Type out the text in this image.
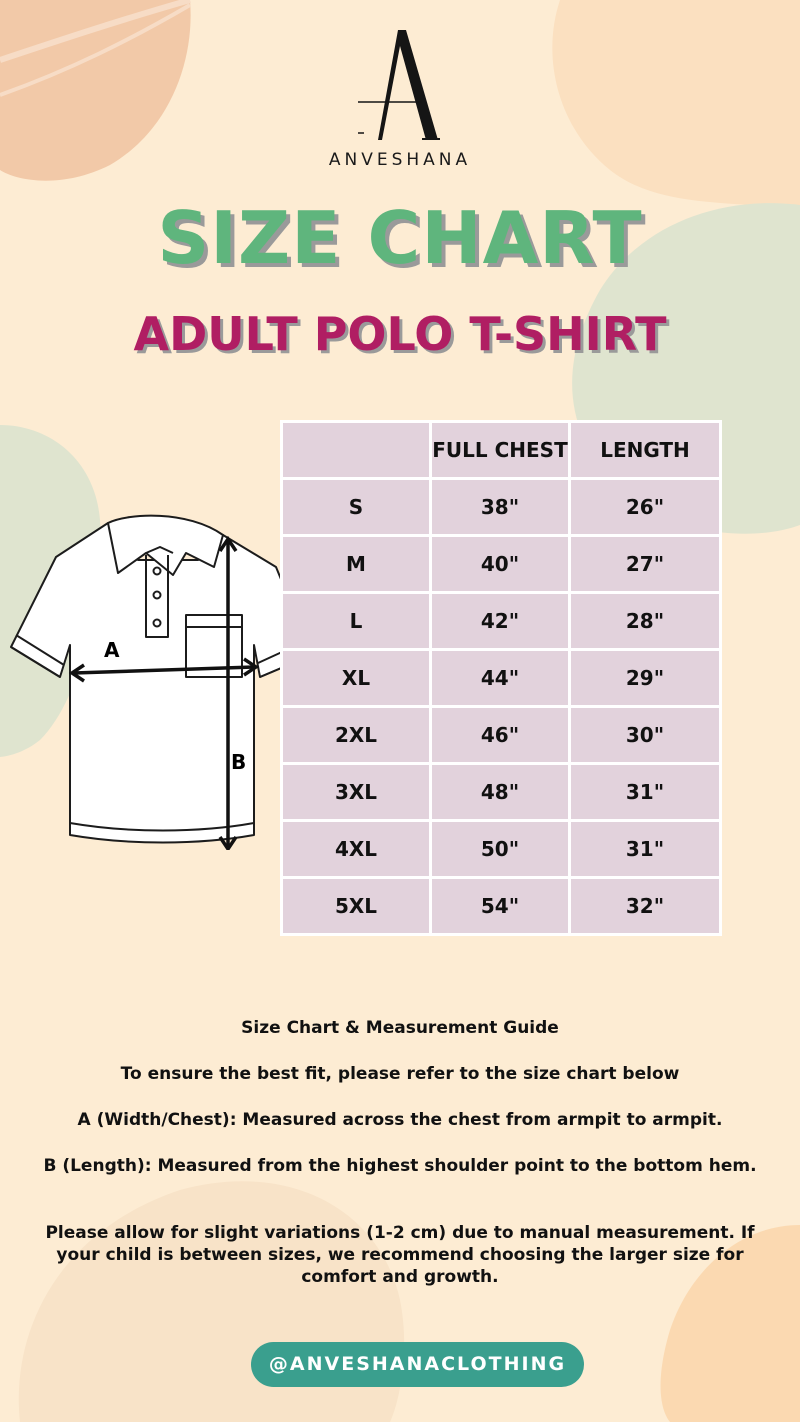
ANVESHANA
SIZE CHART
ADULT POLO T-SHIRT
A
B
	FULL CHEST	LENGTH
S	38"	26"
M	40"	27"
L	42"	28"
XL	44"	29"
2XL	46"	30"
3XL	48"	31"
4XL	50"	31"
5XL	54"	32"

Size Chart & Measurement Guide

To ensure the best fit, please refer to the size chart below

A (Width/Chest): Measured across the chest from armpit to armpit.

B (Length): Measured from the highest shoulder point to the bottom hem.

Please allow for slight variations (1-2 cm) due to manual measurement. If your child is between sizes, we recommend choosing the larger size for comfort and growth.

@ANVESHANACLOTHING
